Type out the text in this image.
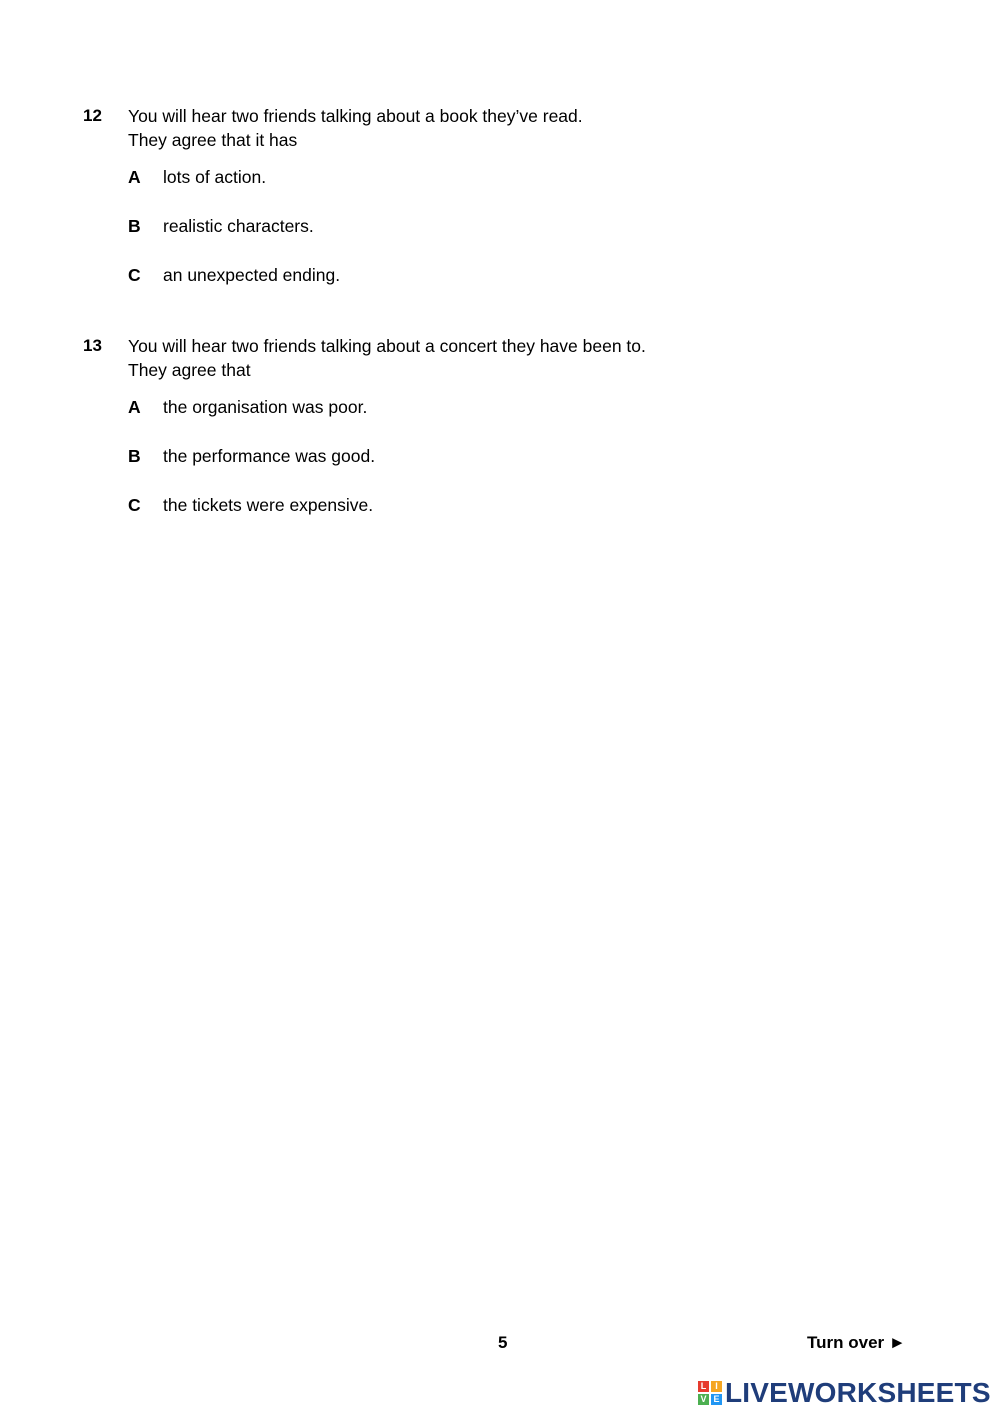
12 You will hear two friends talking about a book they’ve read.
They agree that it has
A lots of action.
B realistic characters.
C an unexpected ending.
13 You will hear two friends talking about a concert they have been to.
They agree that
A the organisation was poor.
B the performance was good.
C the tickets were expensive.
5	Turn over ►
L I
V E LIVEWORKSHEETS
